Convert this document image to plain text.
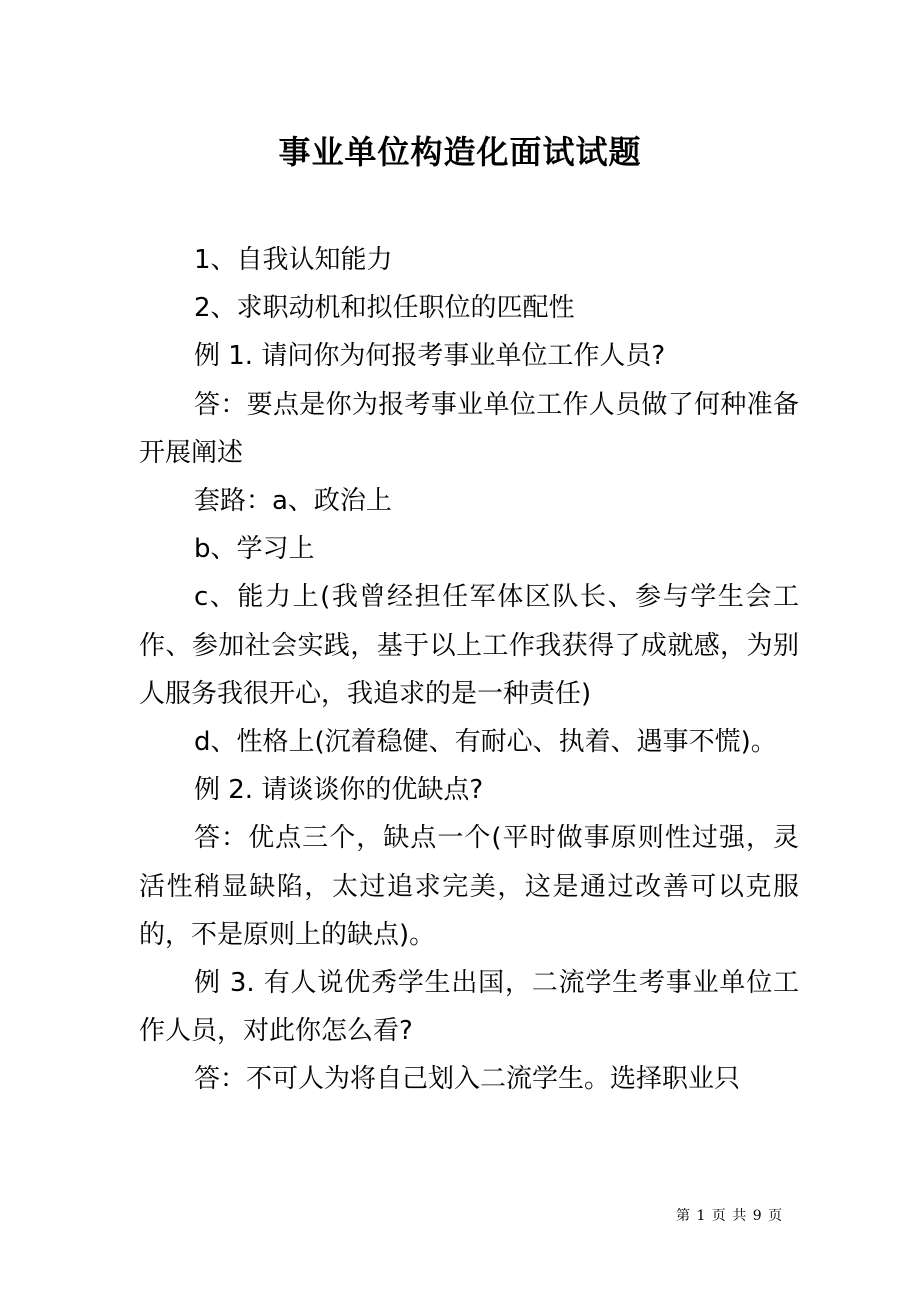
事业单位构造化面试试题

1、自我认知能力

2、求职动机和拟任职位的匹配性

例 1. 请问你为何报考事业单位工作人员?

答：要点是你为报考事业单位工作人员做了何种准备开展阐述

套路：a、政治上

b、学习上

c、能力上(我曾经担任军体区队长、参与学生会工作、参加社会实践，基于以上工作我获得了成就感，为别人服务我很开心，我追求的是一种责任)

d、性格上(沉着稳健、有耐心、执着、遇事不慌)。

例 2. 请谈谈你的优缺点?

答：优点三个，缺点一个(平时做事原则性过强，灵活性稍显缺陷，太过追求完美，这是通过改善可以克服的，不是原则上的缺点)。

例 3. 有人说优秀学生出国，二流学生考事业单位工作人员，对此你怎么看?

答：不可人为将自己划入二流学生。选择职业只

第 1 页 共 9 页
